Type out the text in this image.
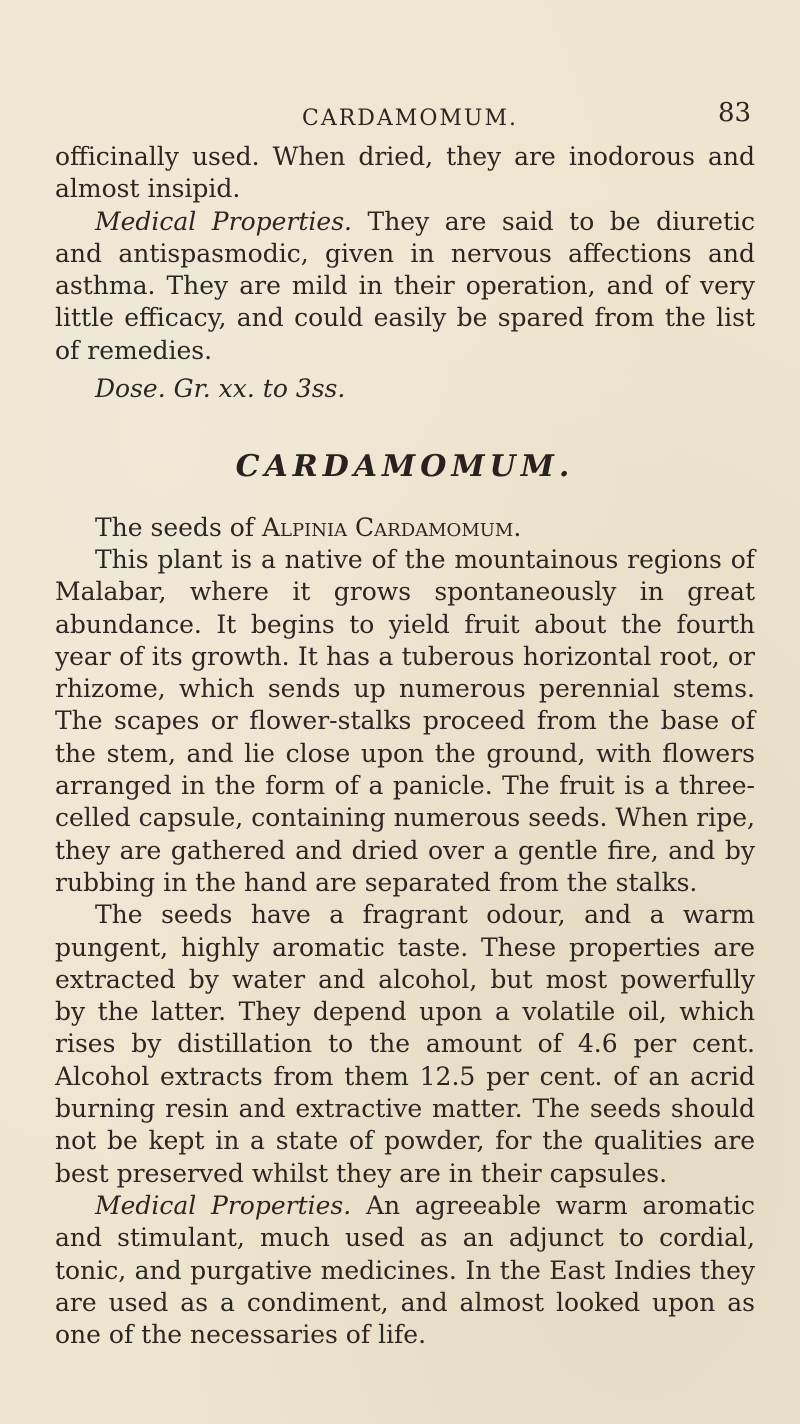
CARDAMOMUM.	83

officinally used. When dried, they are inodorous and almost insipid.

Medical Properties. They are said to be diuretic and antispasmodic, given in nervous affections and asthma. They are mild in their operation, and of very little efficacy, and could easily be spared from the list of remedies.

Dose. Gr. xx. to 3ss.

CARDAMOMUM.

The seeds of Alpinia Cardamomum.

This plant is a native of the mountainous regions of Malabar, where it grows spontaneously in great abundance. It begins to yield fruit about the fourth year of its growth. It has a tuberous horizontal root, or rhizome, which sends up numerous perennial stems. The scapes or flower-stalks proceed from the base of the stem, and lie close upon the ground, with flowers arranged in the form of a panicle. The fruit is a three-celled capsule, containing numerous seeds. When ripe, they are gathered and dried over a gentle fire, and by rubbing in the hand are separated from the stalks.

The seeds have a fragrant odour, and a warm pungent, highly aromatic taste. These properties are extracted by water and alcohol, but most powerfully by the latter. They depend upon a volatile oil, which rises by distillation to the amount of 4.6 per cent. Alcohol extracts from them 12.5 per cent. of an acrid burning resin and extractive matter. The seeds should not be kept in a state of powder, for the qualities are best preserved whilst they are in their capsules.

Medical Properties. An agreeable warm aromatic and stimulant, much used as an adjunct to cordial, tonic, and purgative medicines. In the East Indies they are used as a condiment, and almost looked upon as one of the necessaries of life.
